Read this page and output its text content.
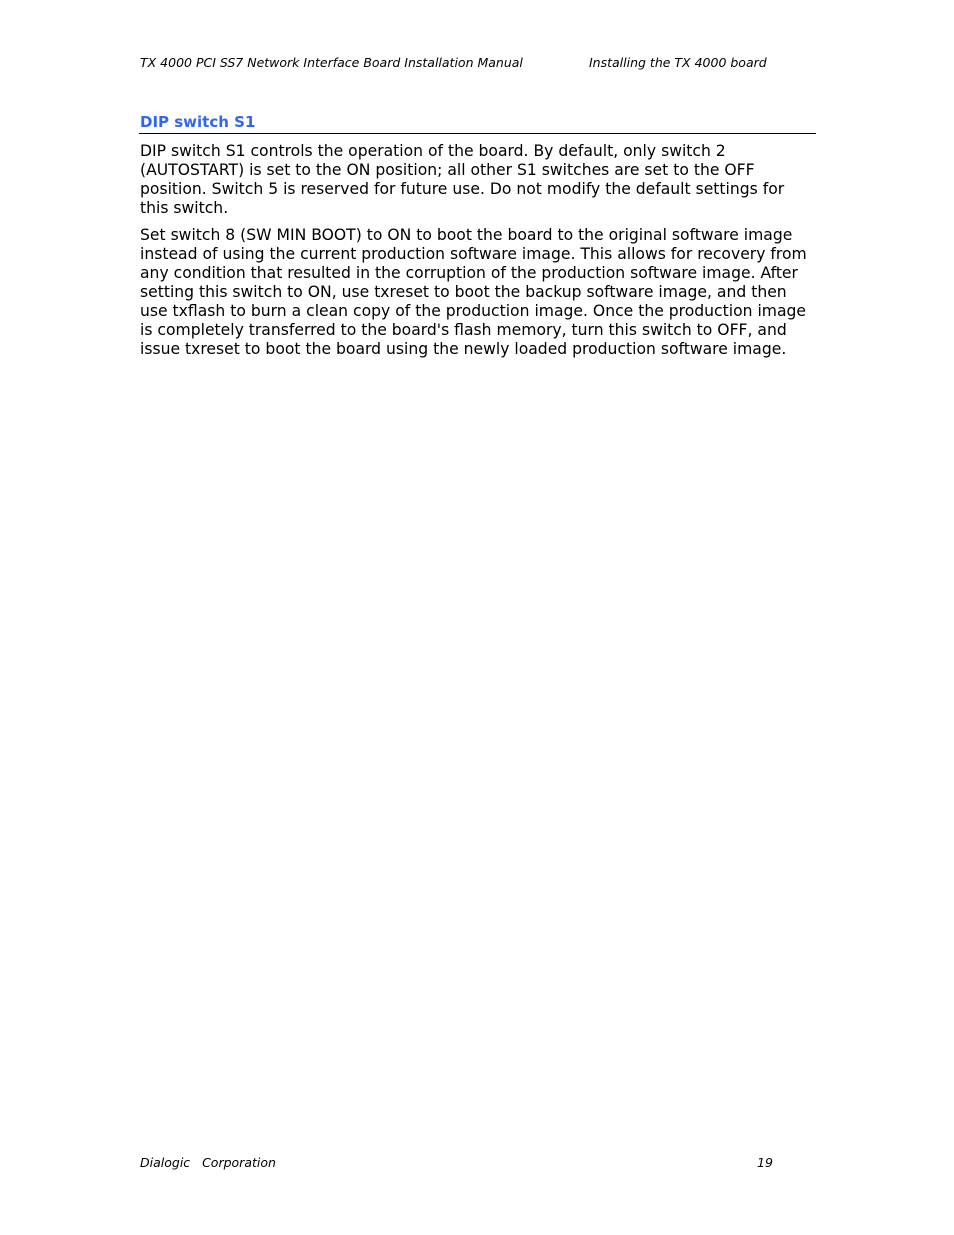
TX 4000 PCI SS7 Network Interface Board Installation Manual	Installing the TX 4000 board
DIP switch S1

DIP switch S1 controls the operation of the board. By default, only switch 2 (AUTOSTART) is set to the ON position; all other S1 switches are set to the OFF position. Switch 5 is reserved for future use. Do not modify the default settings for this switch.

Set switch 8 (SW MIN BOOT) to ON to boot the board to the original software image instead of using the current production software image. This allows for recovery from any condition that resulted in the corruption of the production software image. After setting this switch to ON, use txreset to boot the backup software image, and then use txflash to burn a clean copy of the production image. Once the production image is completely transferred to the board's flash memory, turn this switch to OFF, and issue txreset to boot the board using the newly loaded production software image.

Dialogic   Corporation	19
